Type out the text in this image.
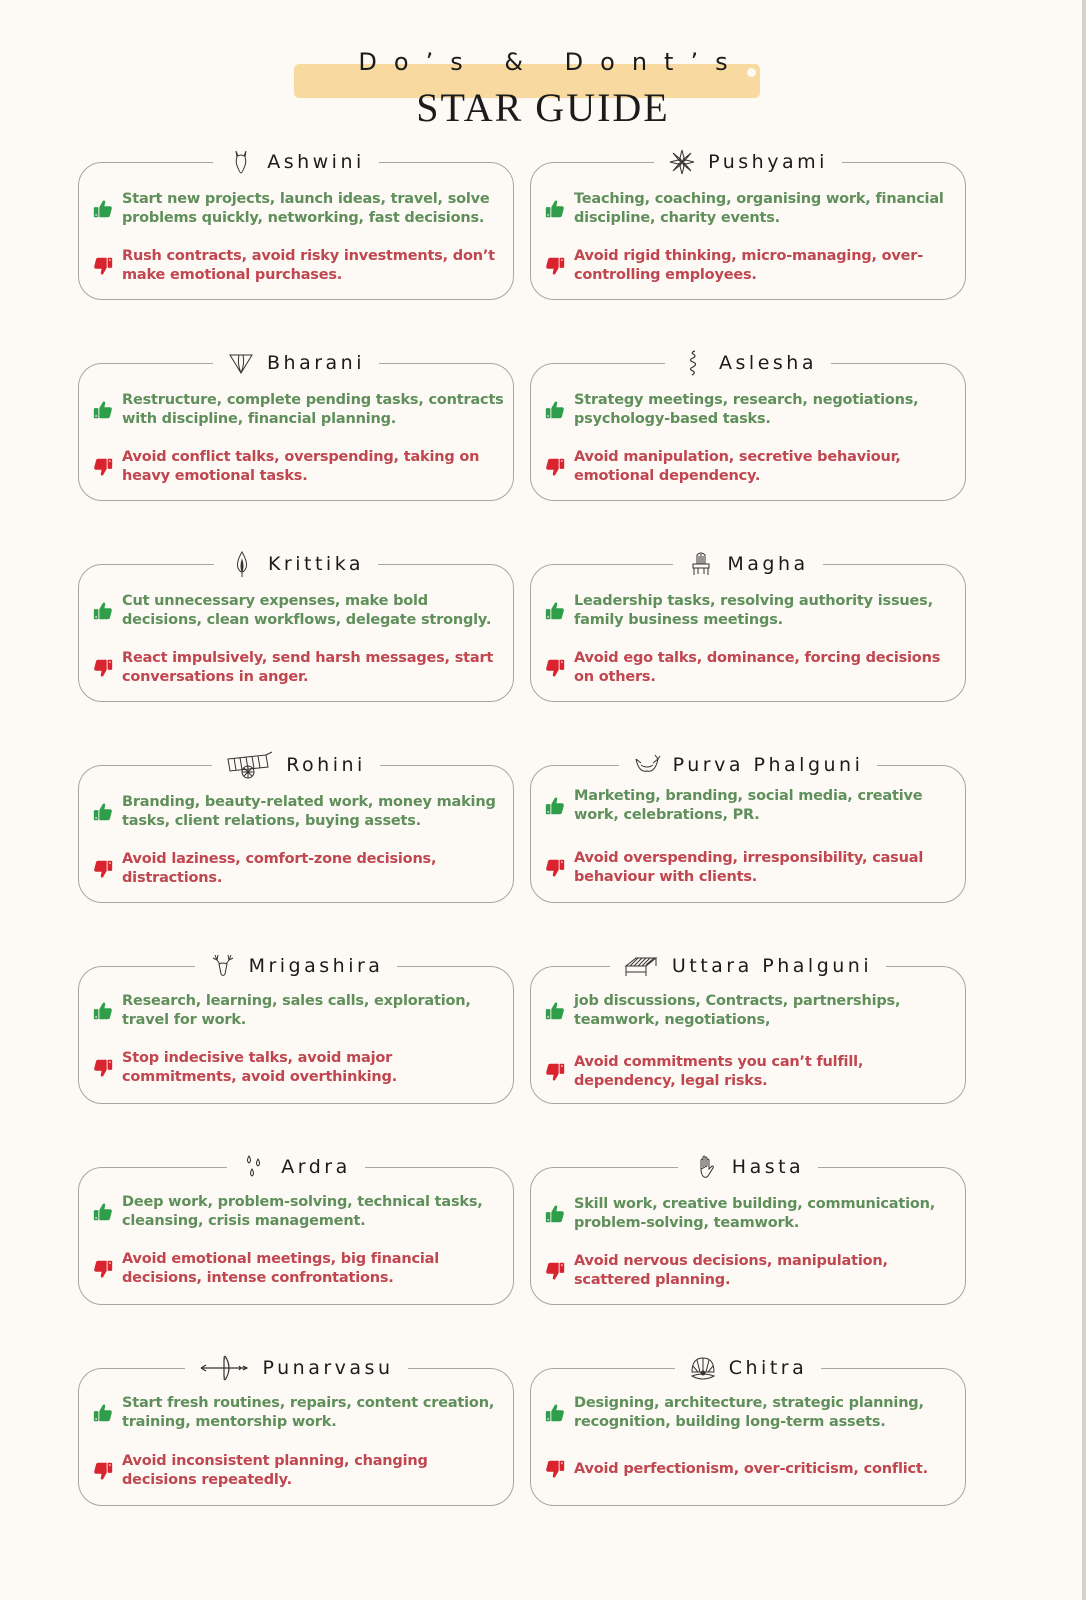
Do’s & Dont’s
STAR GUIDE
Ashwini
Start new projects, launch ideas, travel, solve problems quickly, networking, fast decisions.
Rush contracts, avoid risky investments, don’t make emotional purchases.
Pushyami
Teaching, coaching, organising work, financial discipline, charity events.
Avoid rigid thinking, micro-managing, over-controlling employees.
Bharani
Restructure, complete pending tasks, contracts with discipline, financial planning.
Avoid conflict talks, overspending, taking on heavy emotional tasks.
Aslesha
Strategy meetings, research, negotiations, psychology-based tasks.
Avoid manipulation, secretive behaviour, emotional dependency.
Krittika
Cut unnecessary expenses, make bold decisions, clean workflows, delegate strongly.
React impulsively, send harsh messages, start conversations in anger.
Magha
Leadership tasks, resolving authority issues, family business meetings.
Avoid ego talks, dominance, forcing decisions on others.
Rohini
Branding, beauty-related work, money making tasks, client relations, buying assets.
Avoid laziness, comfort-zone decisions, distractions.
Purva Phalguni
Marketing, branding, social media, creative work, celebrations, PR.
Avoid overspending, irresponsibility, casual behaviour with clients.
Mrigashira
Research, learning, sales calls, exploration, travel for work.
Stop indecisive talks, avoid major commitments, avoid overthinking.
Uttara Phalguni
job discussions, Contracts, partnerships, teamwork, negotiations,
Avoid commitments you can’t fulfill, dependency, legal risks.
Ardra
Deep work, problem-solving, technical tasks, cleansing, crisis management.
Avoid emotional meetings, big financial decisions, intense confrontations.
Hasta
Skill work, creative building, communication, problem-solving, teamwork.
Avoid nervous decisions, manipulation, scattered planning.
Punarvasu
Start fresh routines, repairs, content creation, training, mentorship work.
Avoid inconsistent planning, changing decisions repeatedly.
Chitra
Designing, architecture, strategic planning, recognition, building long-term assets.
Avoid perfectionism, over-criticism, conflict.
